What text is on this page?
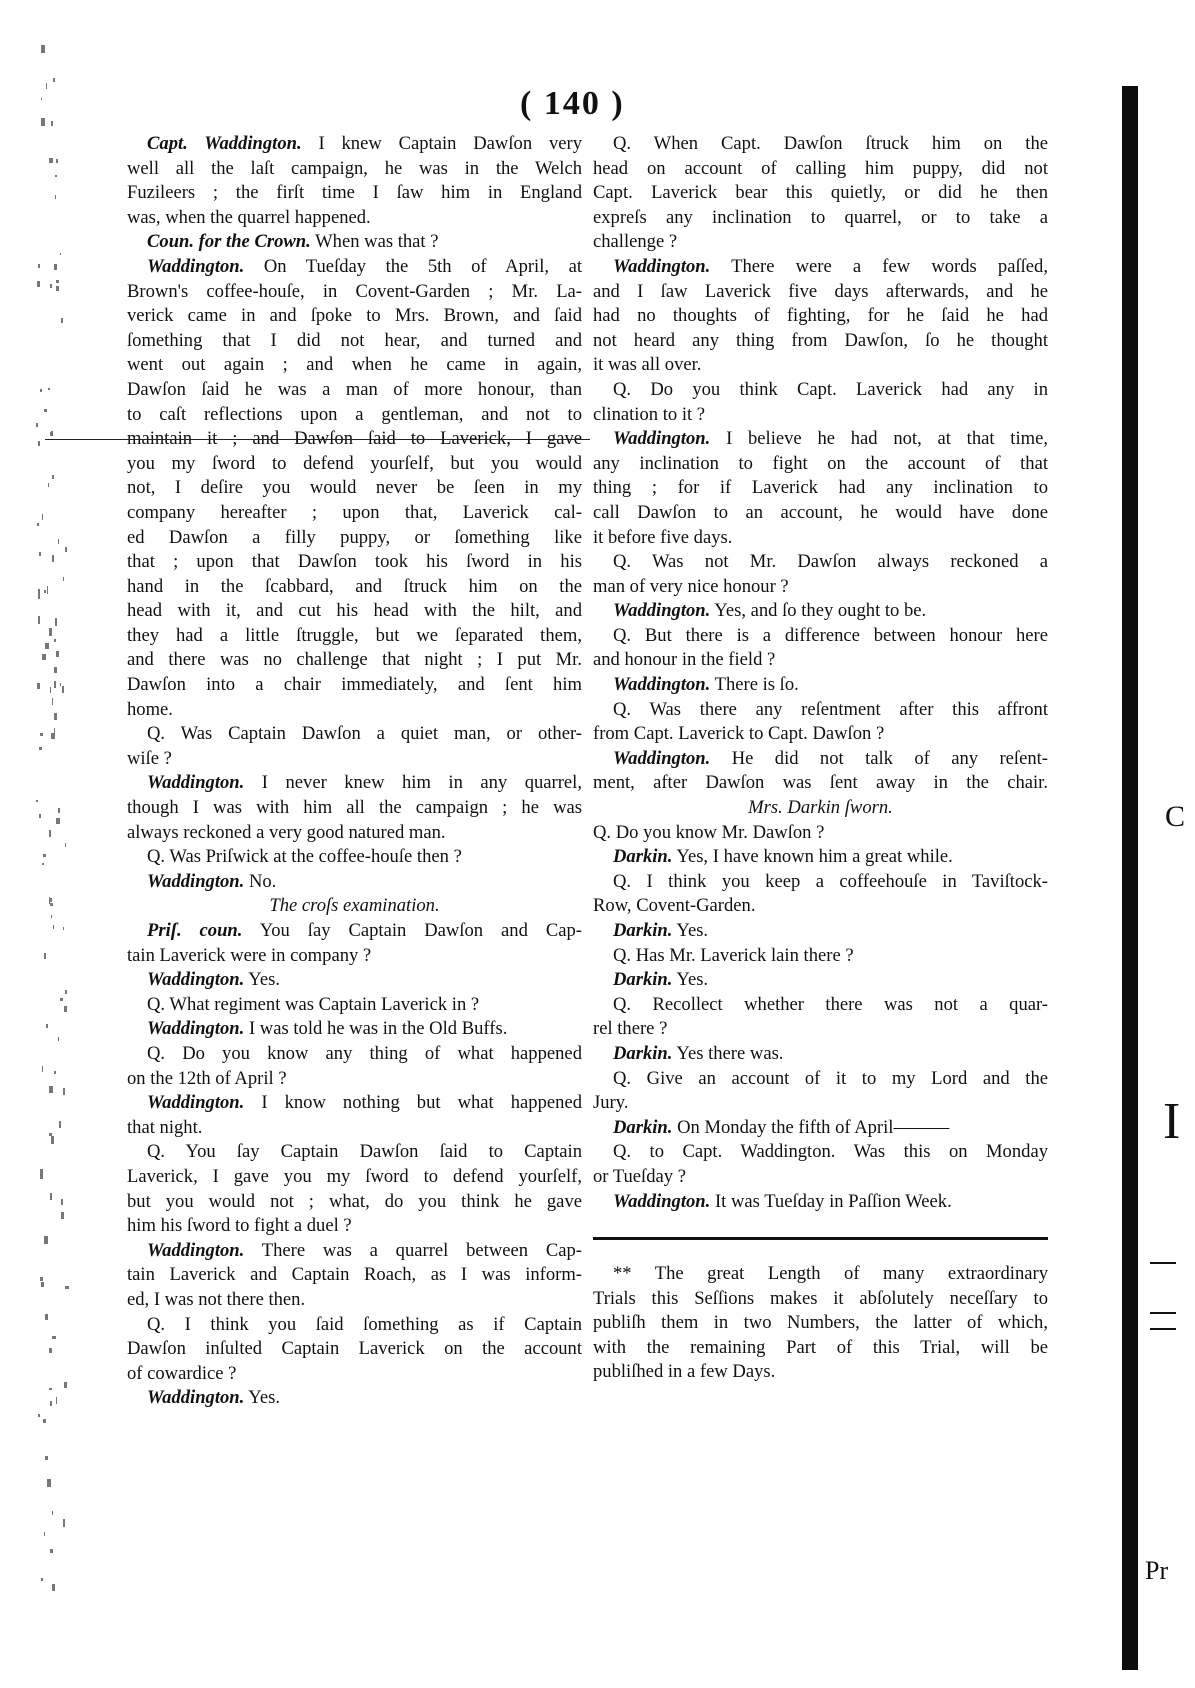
( 140 )
Capt. Waddington. I knew Captain Dawſon very
well all the laſt campaign, he was in the Welch
Fuzileers ; the firſt time I ſaw him in England
was, when the quarrel happened.
Coun. for the Crown. When was that ?
Waddington. On Tueſday the 5th of April, at
Brown's coffee-houſe, in Covent-Garden ; Mr. La-
verick came in and ſpoke to Mrs. Brown, and ſaid
ſomething that I did not hear, and turned and
went out again ; and when he came in again,
Dawſon ſaid he was a man of more honour, than
to caſt reflections upon a gentleman, and not to
maintain it ; and Dawſon ſaid to Laverick, I gave
you my ſword to defend yourſelf, but you would
not, I deſire you would never be ſeen in my
company hereafter ; upon that, Laverick cal-
ed Dawſon a filly puppy, or ſomething like
that ; upon that Dawſon took his ſword in his
hand in the ſcabbard, and ſtruck him on the
head with it, and cut his head with the hilt, and
they had a little ſtruggle, but we ſeparated them,
and there was no challenge that night ; I put Mr.
Dawſon into a chair immediately, and ſent him
home.
Q. Was Captain Dawſon a quiet man, or other-
wiſe ?
Waddington. I never knew him in any quarrel,
though I was with him all the campaign ; he was
always reckoned a very good natured man.
Q. Was Priſwick at the coffee-houſe then ?
Waddington. No.
The croſs examination.
Priſ. coun. You ſay Captain Dawſon and Cap-
tain Laverick were in company ?
Waddington. Yes.
Q. What regiment was Captain Laverick in ?
Waddington. I was told he was in the Old Buffs.
Q. Do you know any thing of what happened
on the 12th of April ?
Waddington. I know nothing but what happened
that night.
Q. You ſay Captain Dawſon ſaid to Captain
Laverick, I gave you my ſword to defend yourſelf,
but you would not ; what, do you think he gave
him his ſword to fight a duel ?
Waddington. There was a quarrel between Cap-
tain Laverick and Captain Roach, as I was inform-
ed, I was not there then.
Q. I think you ſaid ſomething as if Captain
Dawſon inſulted Captain Laverick on the account
of cowardice ?
Waddington. Yes.
Q. When Capt. Dawſon ſtruck him on the
head on account of calling him puppy, did not
Capt. Laverick bear this quietly, or did he then
expreſs any inclination to quarrel, or to take a
challenge ?
Waddington. There were a few words paſſed,
and I ſaw Laverick five days afterwards, and he
had no thoughts of fighting, for he ſaid he had
not heard any thing from Dawſon, ſo he thought
it was all over.
Q. Do you think Capt. Laverick had any in
clination to it ?
Waddington. I believe he had not, at that time,
any inclination to fight on the account of that
thing ; for if Laverick had any inclination to
call Dawſon to an account, he would have done
it before five days.
Q. Was not Mr. Dawſon always reckoned a
man of very nice honour ?
Waddington. Yes, and ſo they ought to be.
Q. But there is a difference between honour here
and honour in the field ?
Waddington. There is ſo.
Q. Was there any reſentment after this affront
from Capt. Laverick to Capt. Dawſon ?
Waddington. He did not talk of any reſent-
ment, after Dawſon was ſent away in the chair.
Mrs. Darkin ſworn.
Q. Do you know Mr. Dawſon ?
Darkin. Yes, I have known him a great while.
Q. I think you keep a coffeehouſe in Taviſtock-
Row, Covent-Garden.
Darkin. Yes.
Q. Has Mr. Laverick lain there ?
Darkin. Yes.
Q. Recollect whether there was not a quar-
rel there ?
Darkin. Yes there was.
Q. Give an account of it to my Lord and the
Jury.
Darkin. On Monday the fifth of April———
Q. to Capt. Waddington. Was this on Monday
or Tueſday ?
Waddington. It was Tueſday in Paſſion Week.
*⁤* The great Length of many extraordinary
Trials this Seſſions makes it abſolutely neceſſary to
publiſh them in two Numbers, the latter of which,
with the remaining Part of this Trial, will be
publiſhed in a few Days.
C
I
Pr
